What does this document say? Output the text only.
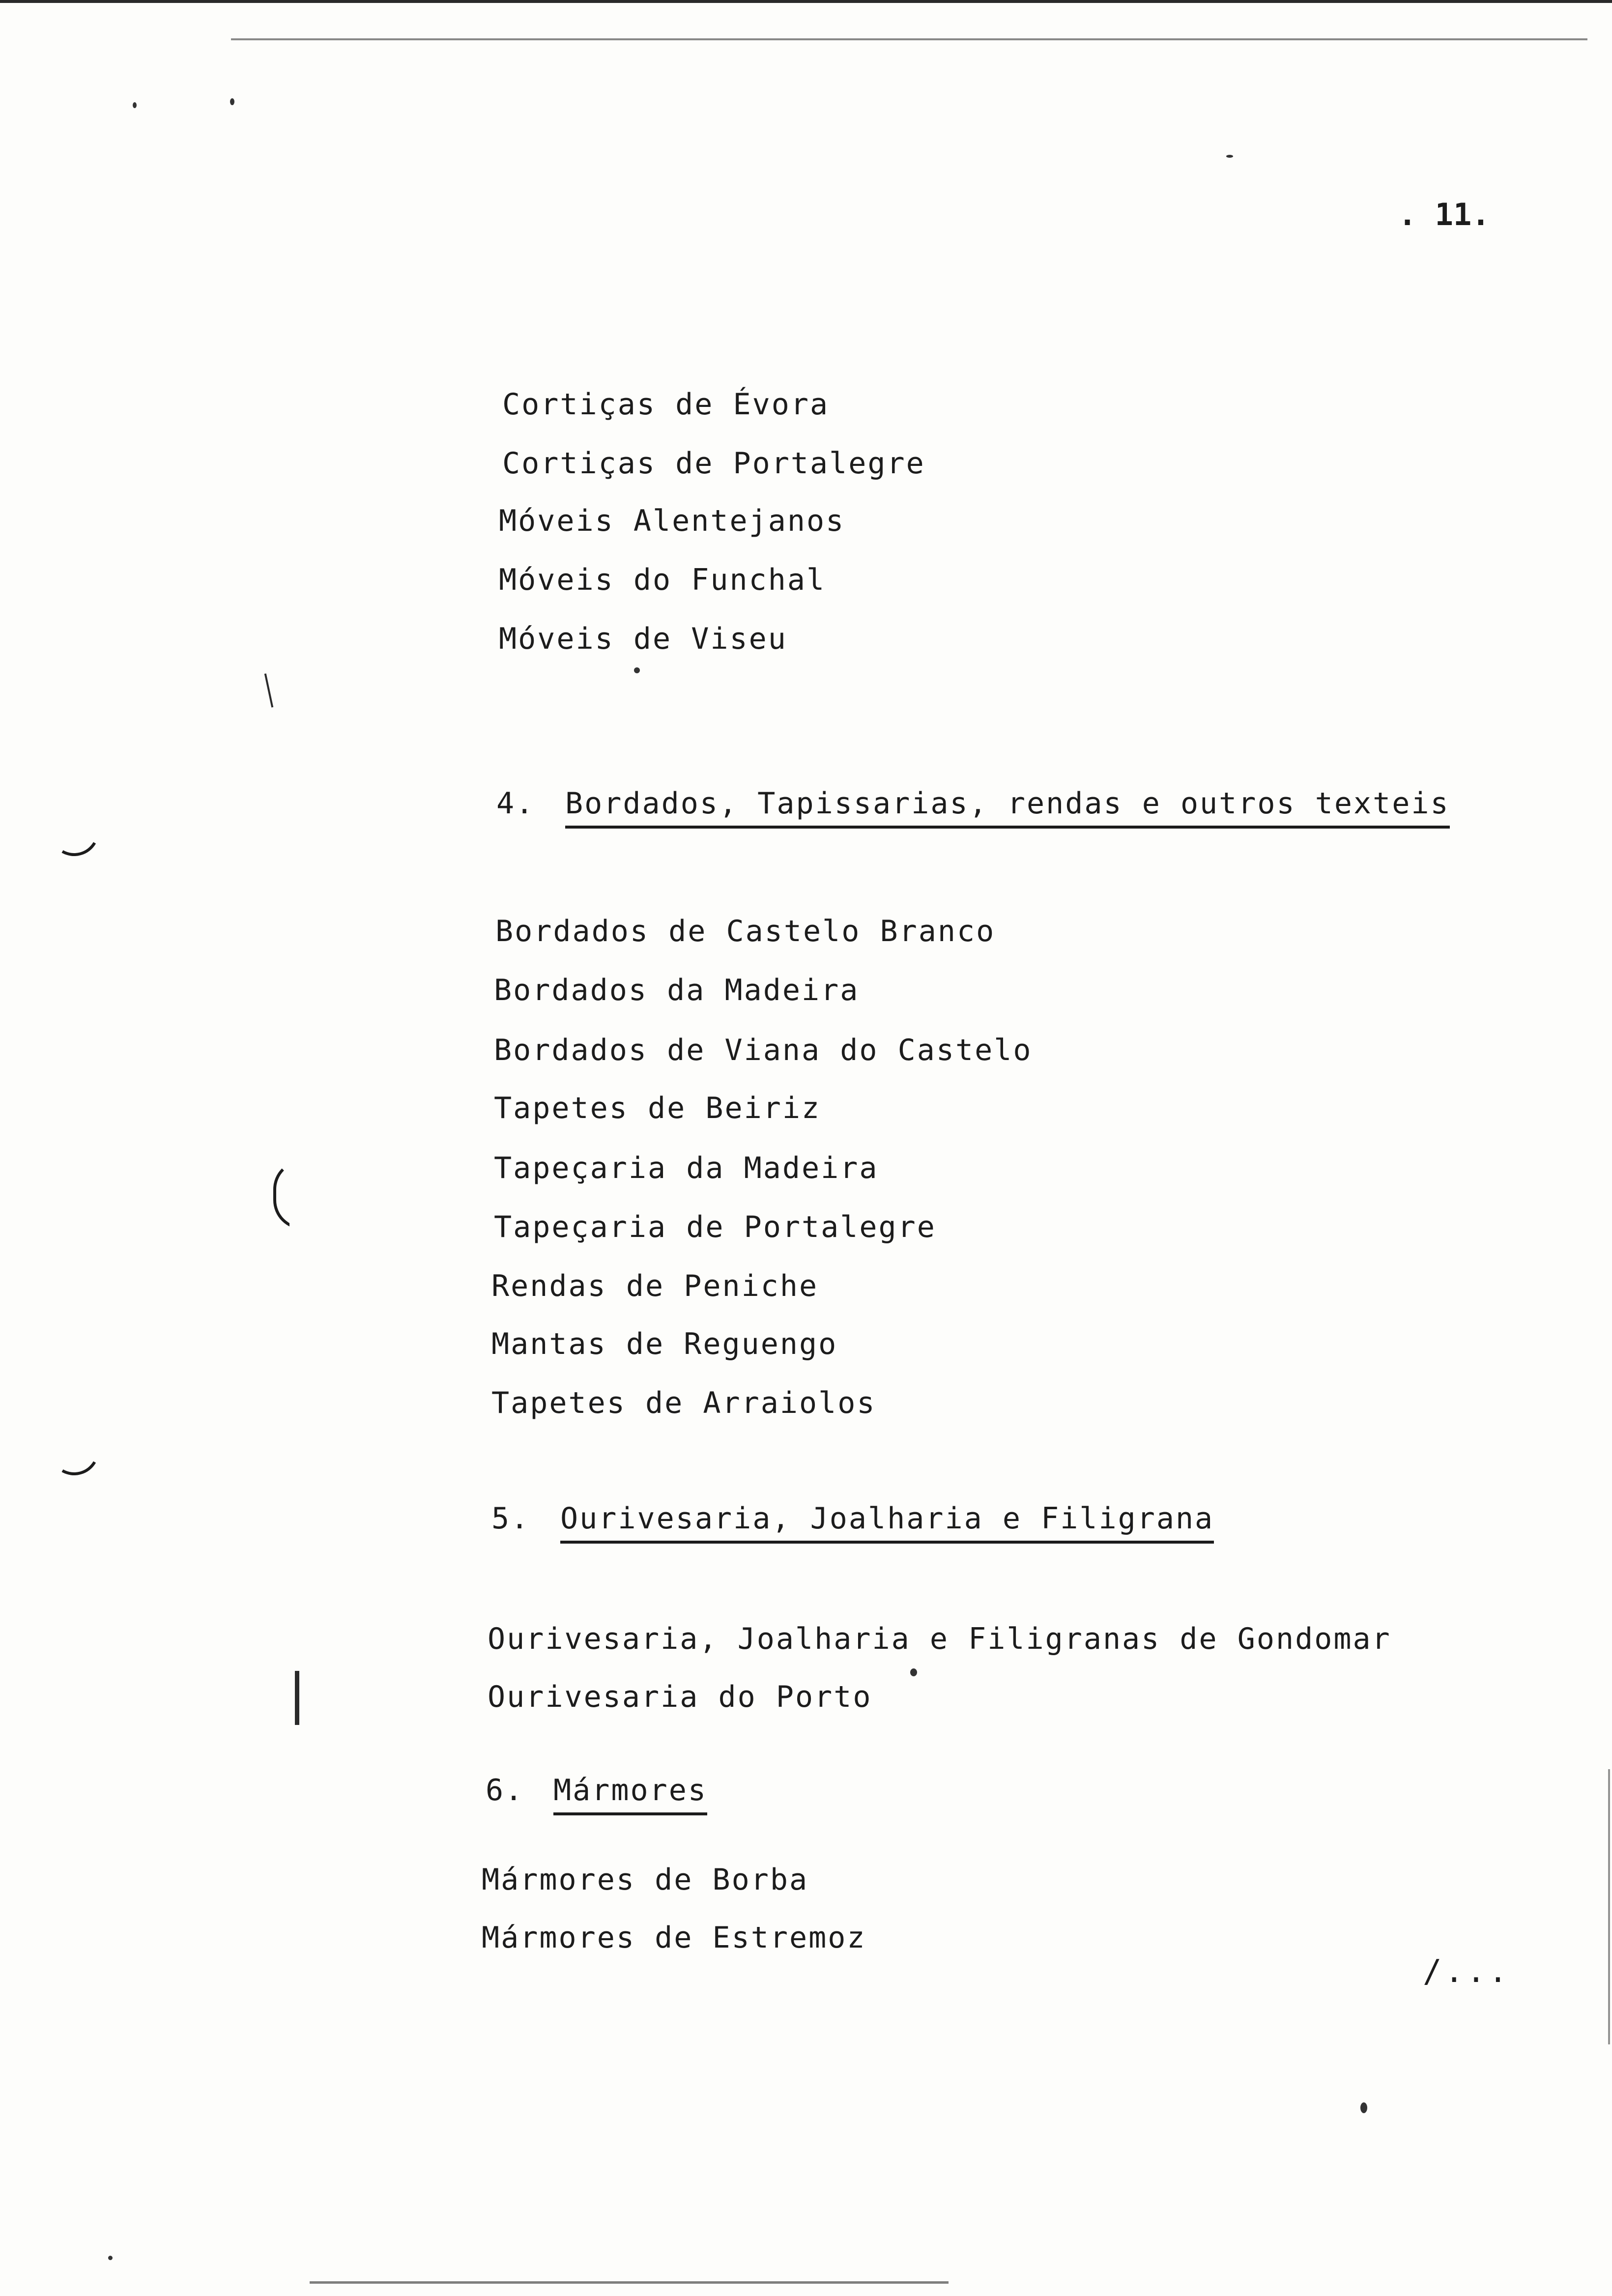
. 11.
Cortiças de Évora
Cortiças de Portalegre
Móveis Alentejanos
Móveis do Funchal
Móveis de Viseu
4. Bordados, Tapissarias, rendas e outros texteis
Bordados de Castelo Branco
Bordados da Madeira
Bordados de Viana do Castelo
Tapetes de Beiriz
Tapeçaria da Madeira
Tapeçaria de Portalegre
Rendas de Peniche
Mantas de Reguengo
Tapetes de Arraiolos
5. Ourivesaria, Joalharia e Filigrana
Ourivesaria, Joalharia e Filigranas de Gondomar
Ourivesaria do Porto
6. Mármores
Mármores de Borba
Mármores de Estremoz
/...
